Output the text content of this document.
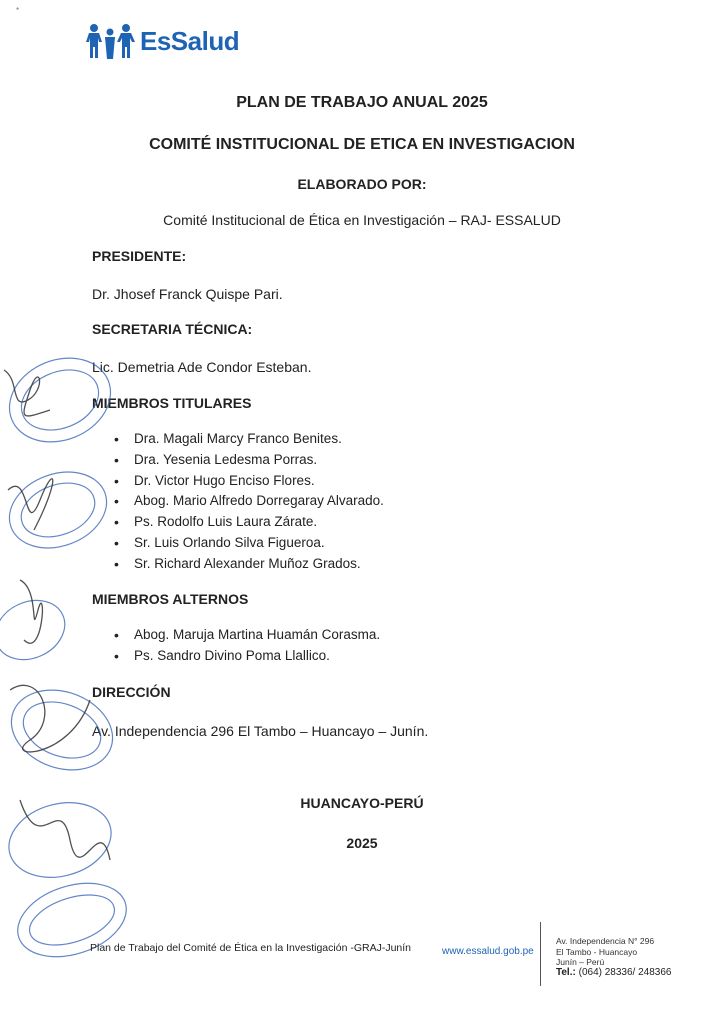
*
EsSalud
PLAN DE TRABAJO ANUAL 2025
COMITÉ INSTITUCIONAL DE ETICA EN INVESTIGACION
ELABORADO POR:
Comité Institucional de Ética en Investigación – RAJ- ESSALUD
PRESIDENTE:
Dr. Jhosef Franck Quispe Pari.
SECRETARIA TÉCNICA:
Lic. Demetria Ade Condor Esteban.
MIEMBROS TITULARES
• Dra. Magali Marcy Franco Benites.
• Dra. Yesenia Ledesma Porras.
• Dr. Victor Hugo Enciso Flores.
• Abog. Mario Alfredo Dorregaray Alvarado.
• Ps. Rodolfo Luis Laura Zárate.
• Sr. Luis Orlando Silva Figueroa.
• Sr. Richard Alexander Muñoz Grados.
MIEMBROS ALTERNOS
• Abog. Maruja Martina Huamán Corasma.
• Ps. Sandro Divino Poma Llallico.
DIRECCIÓN
Av. Independencia 296 El Tambo – Huancayo – Junín.
HUANCAYO-PERÚ
2025
Plan de Trabajo del Comité de Ética en la Investigación -GRAJ-Junín	www.essalud.gob.pe
Av. Independencia N° 296
El Tambo - Huancayo
Junín – Perú
Tel.: (064) 28336/ 248366
